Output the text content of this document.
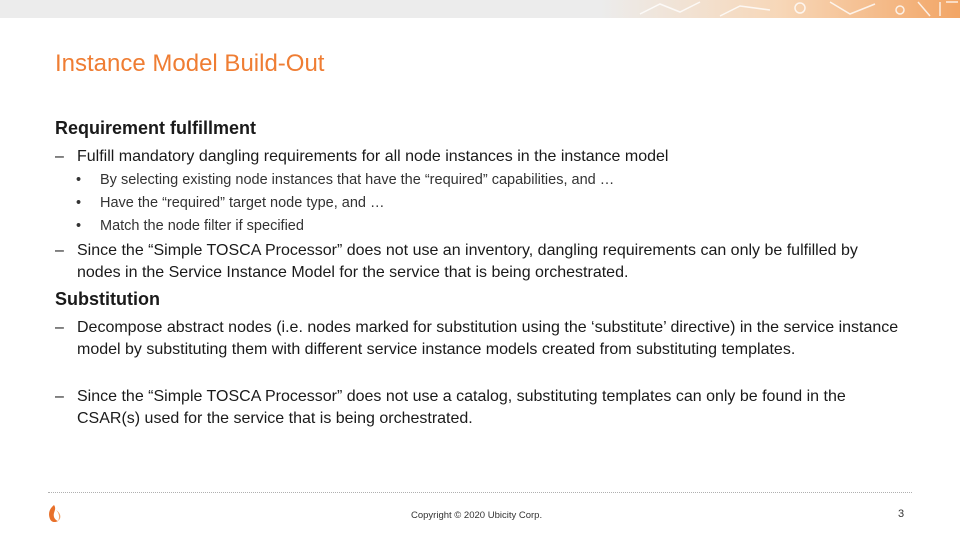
Instance Model Build-Out
Requirement fulfillment
– Fulfill mandatory dangling requirements for all node instances in the instance model
• By selecting existing node instances that have the “required” capabilities, and …
• Have the “required” target node type, and …
• Match the node filter if specified
– Since the “Simple TOSCA Processor” does not use an inventory, dangling requirements can only be fulfilled by nodes in the Service Instance Model for the service that is being orchestrated.
Substitution
– Decompose abstract nodes (i.e. nodes marked for substitution using the ‘substitute’ directive) in the service instance model by substituting them with different service instance models created from substituting templates.
– Since the “Simple TOSCA Processor” does not use a catalog, substituting templates can only be found in the CSAR(s) used for the service that is being orchestrated.
Copyright © 2020 Ubicity Corp.	3
